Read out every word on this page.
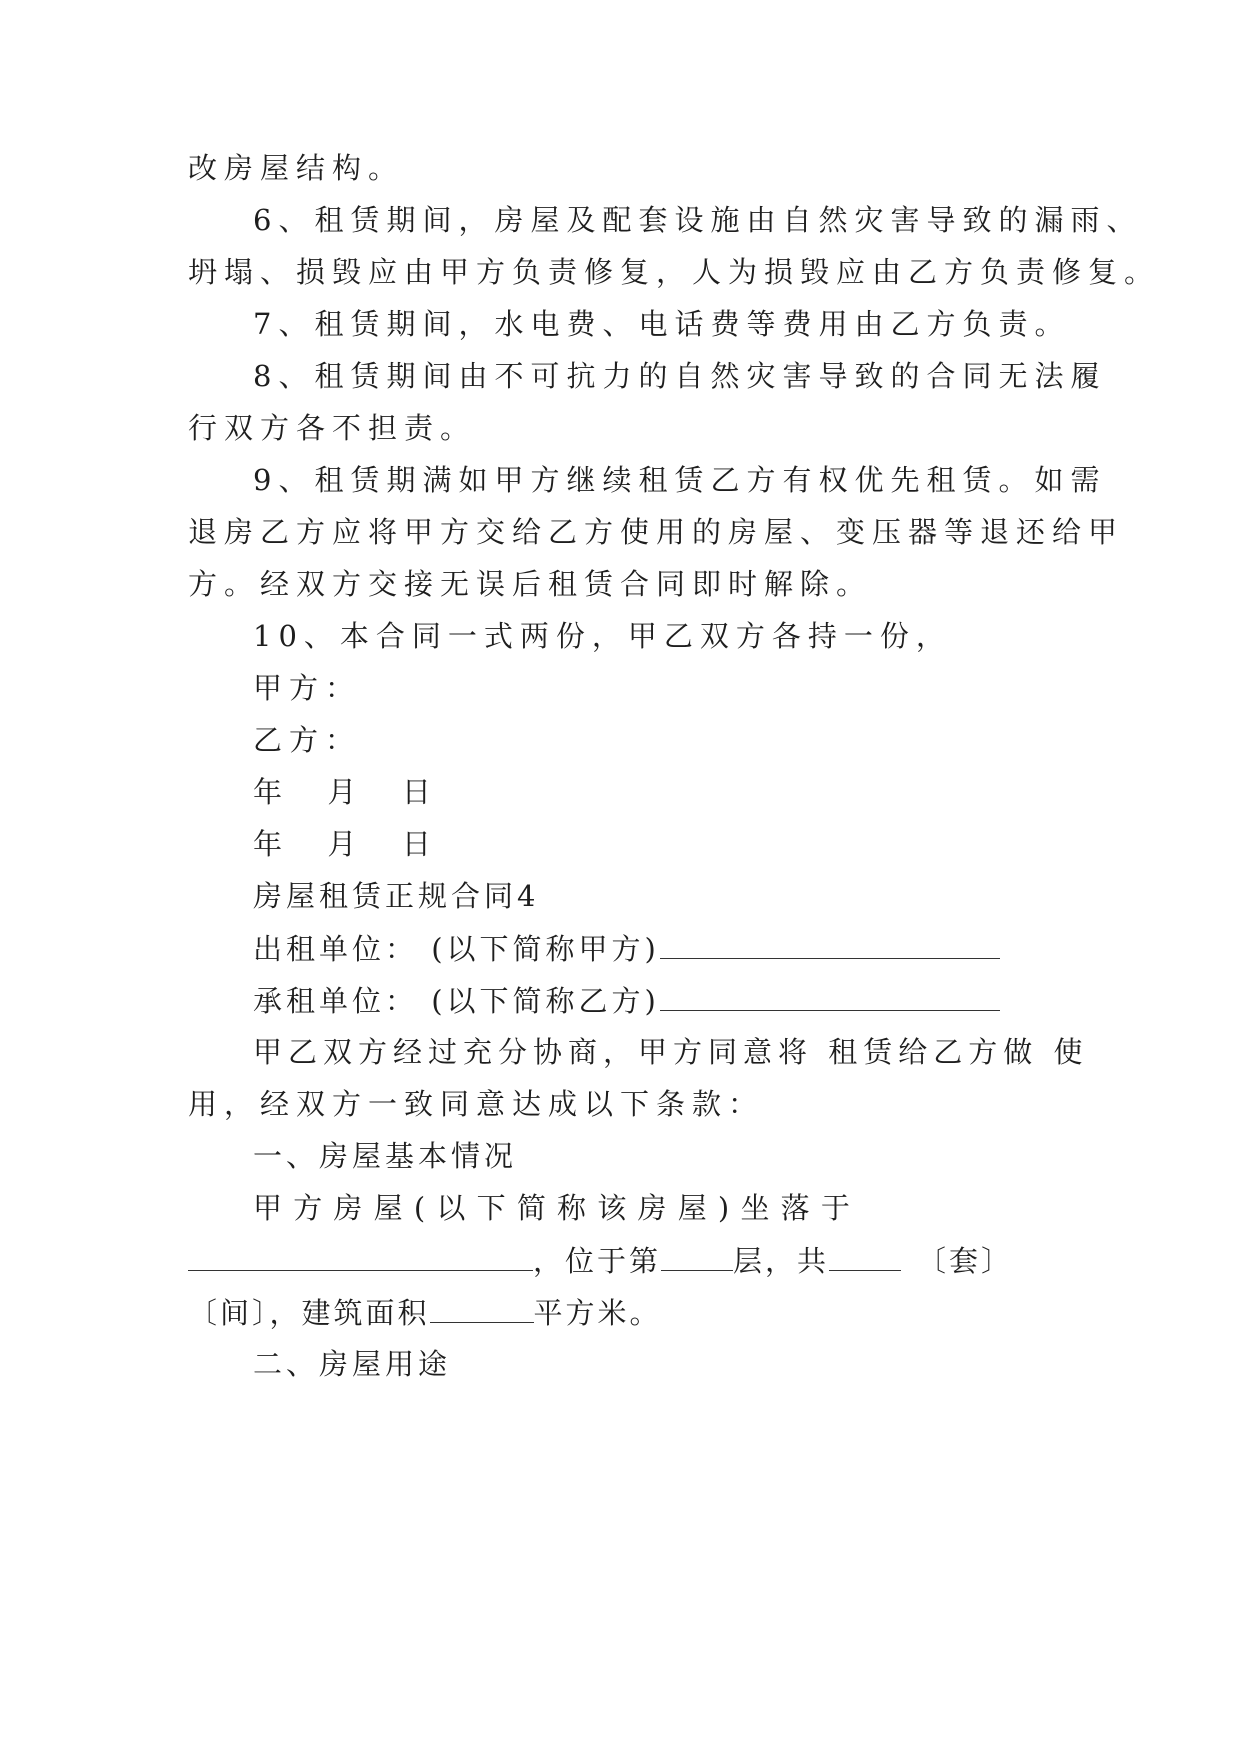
改房屋结构。
6、租赁期间，房屋及配套设施由自然灾害导致的漏雨、
坍塌、损毁应由甲方负责修复，人为损毁应由乙方负责修复。
7、租赁期间，水电费、电话费等费用由乙方负责。
8、租赁期间由不可抗力的自然灾害导致的合同无法履
行双方各不担责。
9、租赁期满如甲方继续租赁乙方有权优先租赁。如需
退房乙方应将甲方交给乙方使用的房屋、变压器等退还给甲
方。经双方交接无误后租赁合同即时解除。
10、本合同一式两份，甲乙双方各持一份，
甲方：
乙方：
年  月  日
年  月  日
房屋租赁正规合同4
出租单位： (以下简称甲方)
承租单位： (以下简称乙方)
甲乙双方经过充分协商，甲方同意将 租赁给乙方做 使
用，经双方一致同意达成以下条款：
一、房屋基本情况
甲 方 房 屋 ( 以 下 简 称 该 房 屋 ) 坐 落 于
，位于第 层，共	〔套〕
〔间〕，建筑面积	平方米。
二、房屋用途
